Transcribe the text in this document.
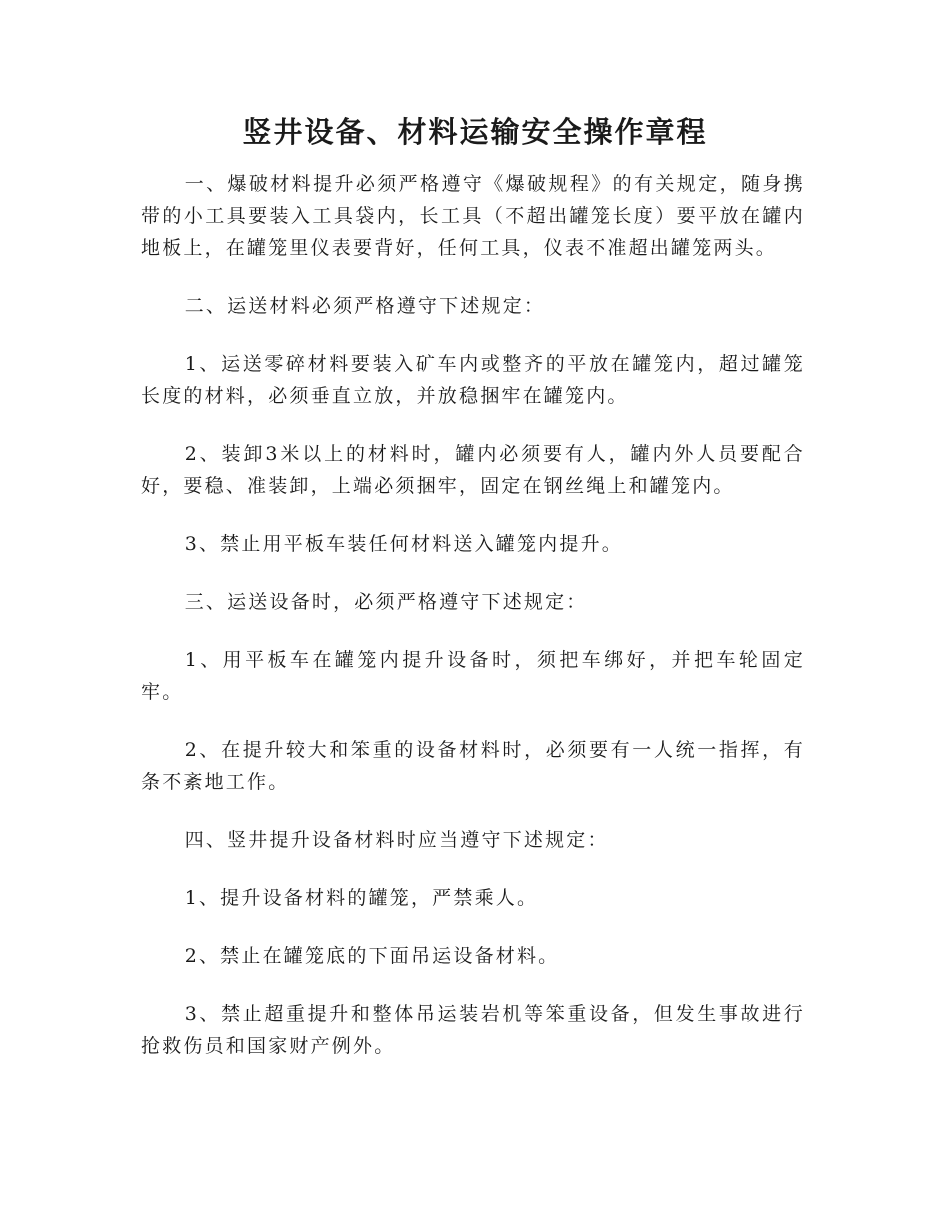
竖井设备、材料运输安全操作章程

一、爆破材料提升必须严格遵守《爆破规程》的有关规定，随身携带的小工具要装入工具袋内，长工具（不超出罐笼长度）要平放在罐内地板上，在罐笼里仪表要背好，任何工具，仪表不准超出罐笼两头。

二、运送材料必须严格遵守下述规定：

1、运送零碎材料要装入矿车内或整齐的平放在罐笼内，超过罐笼长度的材料，必须垂直立放，并放稳捆牢在罐笼内。

2、装卸3米以上的材料时，罐内必须要有人，罐内外人员要配合好，要稳、准装卸，上端必须捆牢，固定在钢丝绳上和罐笼内。

3、禁止用平板车装任何材料送入罐笼内提升。

三、运送设备时，必须严格遵守下述规定：

1、用平板车在罐笼内提升设备时，须把车绑好，并把车轮固定牢。

2、在提升较大和笨重的设备材料时，必须要有一人统一指挥，有条不紊地工作。

四、竖井提升设备材料时应当遵守下述规定：

1、提升设备材料的罐笼，严禁乘人。

2、禁止在罐笼底的下面吊运设备材料。

3、禁止超重提升和整体吊运装岩机等笨重设备，但发生事故进行抢救伤员和国家财产例外。
